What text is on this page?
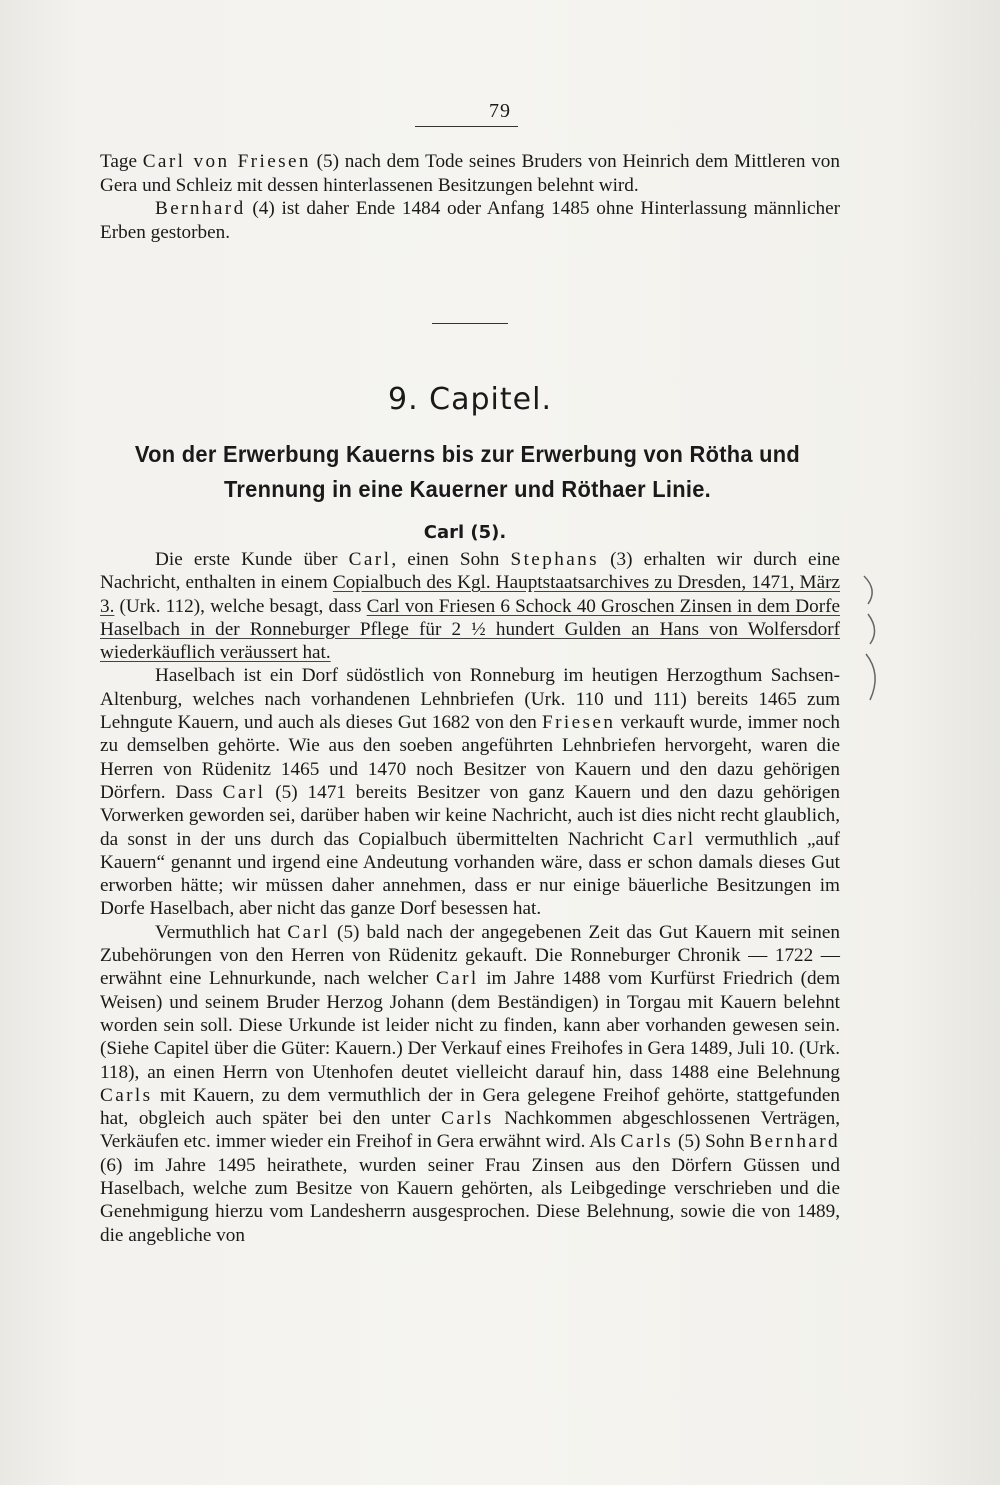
79

Tage Carl von Friesen (5) nach dem Tode seines Bruders von Heinrich dem Mittleren von Gera und Schleiz mit dessen hinterlassenen Besitzungen belehnt wird.

Bernhard (4) ist daher Ende 1484 oder Anfang 1485 ohne Hinterlassung männlicher Erben gestorben.

9. Capitel.
Von der Erwerbung Kauerns bis zur Erwerbung von Rötha und Trennung in eine Kauerner und Röthaer Linie.
Carl (5).

Die erste Kunde über Carl, einen Sohn Stephans (3) erhalten wir durch eine Nachricht, enthalten in einem Copialbuch des Kgl. Hauptstaatsarchives zu Dresden, 1471, März 3. (Urk. 112), welche besagt, dass Carl von Friesen 6 Schock 40 Groschen Zinsen in dem Dorfe Haselbach in der Ronneburger Pflege für 2 ½ hundert Gulden an Hans von Wolfersdorf wiederkäuflich veräussert hat.

Haselbach ist ein Dorf südöstlich von Ronneburg im heutigen Herzogthum Sachsen-Altenburg, welches nach vorhandenen Lehnbriefen (Urk. 110 und 111) bereits 1465 zum Lehngute Kauern, und auch als dieses Gut 1682 von den Friesen verkauft wurde, immer noch zu demselben gehörte. Wie aus den soeben angeführten Lehnbriefen hervorgeht, waren die Herren von Rüdenitz 1465 und 1470 noch Besitzer von Kauern und den dazu gehörigen Dörfern. Dass Carl (5) 1471 bereits Besitzer von ganz Kauern und den dazu gehörigen Vorwerken geworden sei, darüber haben wir keine Nachricht, auch ist dies nicht recht glaublich, da sonst in der uns durch das Copialbuch übermittelten Nachricht Carl vermuthlich „auf Kauern“ genannt und irgend eine Andeutung vorhanden wäre, dass er schon damals dieses Gut erworben hätte; wir müssen daher annehmen, dass er nur einige bäuerliche Besitzungen im Dorfe Haselbach, aber nicht das ganze Dorf besessen hat.

Vermuthlich hat Carl (5) bald nach der angegebenen Zeit das Gut Kauern mit seinen Zubehörungen von den Herren von Rüdenitz gekauft. Die Ronneburger Chronik — 1722 — erwähnt eine Lehnurkunde, nach welcher Carl im Jahre 1488 vom Kurfürst Friedrich (dem Weisen) und seinem Bruder Herzog Johann (dem Beständigen) in Torgau mit Kauern belehnt worden sein soll. Diese Urkunde ist leider nicht zu finden, kann aber vorhanden gewesen sein. (Siehe Capitel über die Güter: Kauern.) Der Verkauf eines Freihofes in Gera 1489, Juli 10. (Urk. 118), an einen Herrn von Utenhofen deutet vielleicht darauf hin, dass 1488 eine Belehnung Carls mit Kauern, zu dem vermuthlich der in Gera gelegene Freihof gehörte, stattgefunden hat, obgleich auch später bei den unter Carls Nachkommen abgeschlossenen Verträgen, Verkäufen etc. immer wieder ein Freihof in Gera erwähnt wird. Als Carls (5) Sohn Bernhard (6) im Jahre 1495 heirathete, wurden seiner Frau Zinsen aus den Dörfern Güssen und Haselbach, welche zum Besitze von Kauern gehörten, als Leibgedinge verschrieben und die Genehmigung hierzu vom Landesherrn ausgesprochen. Diese Belehnung, sowie die von 1489, die angebliche von
